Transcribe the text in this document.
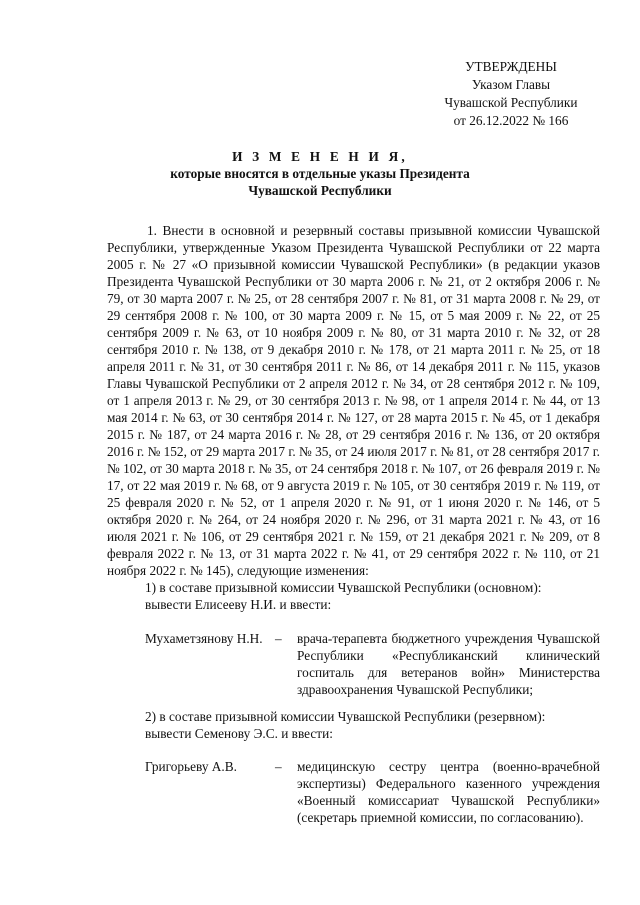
УТВЕРЖДЕНЫ
Указом Главы
Чувашской Республики
от 26.12.2022 № 166
И З М Е Н Е Н И Я,
которые вносятся в отдельные указы Президента
Чувашской Республики
1. Внести в основной и резервный составы призывной комиссии Чувашской Республики, утвержденные Указом Президента Чувашской Республики от 22 марта 2005 г. № 27 «О призывной комиссии Чувашской Республики» (в редакции указов Президента Чувашской Республики от 30 марта 2006 г. № 21, от 2 октября 2006 г. № 79, от 30 марта 2007 г. № 25, от 28 сентября 2007 г. № 81, от 31 марта 2008 г. № 29, от 29 сентября 2008 г. № 100, от 30 марта 2009 г. № 15, от 5 мая 2009 г. № 22, от 25 сентября 2009 г. № 63, от 10 ноября 2009 г. № 80, от 31 марта 2010 г. № 32, от 28 сентября 2010 г. № 138, от 9 декабря 2010 г. № 178, от 21 марта 2011 г. № 25, от 18 апреля 2011 г. № 31, от 30 сентября 2011 г. № 86, от 14 декабря 2011 г. № 115, указов Главы Чувашской Республики от 2 апреля 2012 г. № 34, от 28 сентября 2012 г. № 109, от 1 апреля 2013 г. № 29, от 30 сентября 2013 г. № 98, от 1 апреля 2014 г. № 44, от 13 мая 2014 г. № 63, от 30 сентября 2014 г. № 127, от 28 марта 2015 г. № 45, от 1 декабря 2015 г. № 187, от 24 марта 2016 г. № 28, от 29 сентября 2016 г. № 136, от 20 октября 2016 г. № 152, от 29 марта 2017 г. № 35, от 24 июля 2017 г. № 81, от 28 сентября 2017 г. № 102, от 30 марта 2018 г. № 35, от 24 сентября 2018 г. № 107, от 26 февраля 2019 г. № 17, от 22 мая 2019 г. № 68, от 9 августа 2019 г. № 105, от 30 сентября 2019 г. № 119, от 25 февраля 2020 г. № 52, от 1 апреля 2020 г. № 91, от 1 июня 2020 г. № 146, от 5 октября 2020 г. № 264, от 24 ноября 2020 г. № 296, от 31 марта 2021 г. № 43, от 16 июля 2021 г. № 106, от 29 сентября 2021 г. № 159, от 21 декабря 2021 г. № 209, от 8 февраля 2022 г. № 13, от 31 марта 2022 г. № 41, от 29 сентября 2022 г. № 110, от 21 ноября 2022 г. № 145), следующие изменения:
1) в составе призывной комиссии Чувашской Республики (основном):
вывести Елисееву Н.И. и ввести:
Мухаметзянову Н.Н. –	врача-терапевта бюджетного учреждения Чувашской Республики «Республиканский клинический госпиталь для ветеранов войн» Министерства здравоохранения Чувашской Республики;
2) в составе призывной комиссии Чувашской Республики (резервном):
вывести Семенову Э.С. и ввести:
Григорьеву А.В.	–	медицинскую сестру центра (военно-врачебной экспертизы) Федерального казенного учреждения «Военный комиссариат Чувашской Республики» (секретарь приемной комиссии, по согласованию).
